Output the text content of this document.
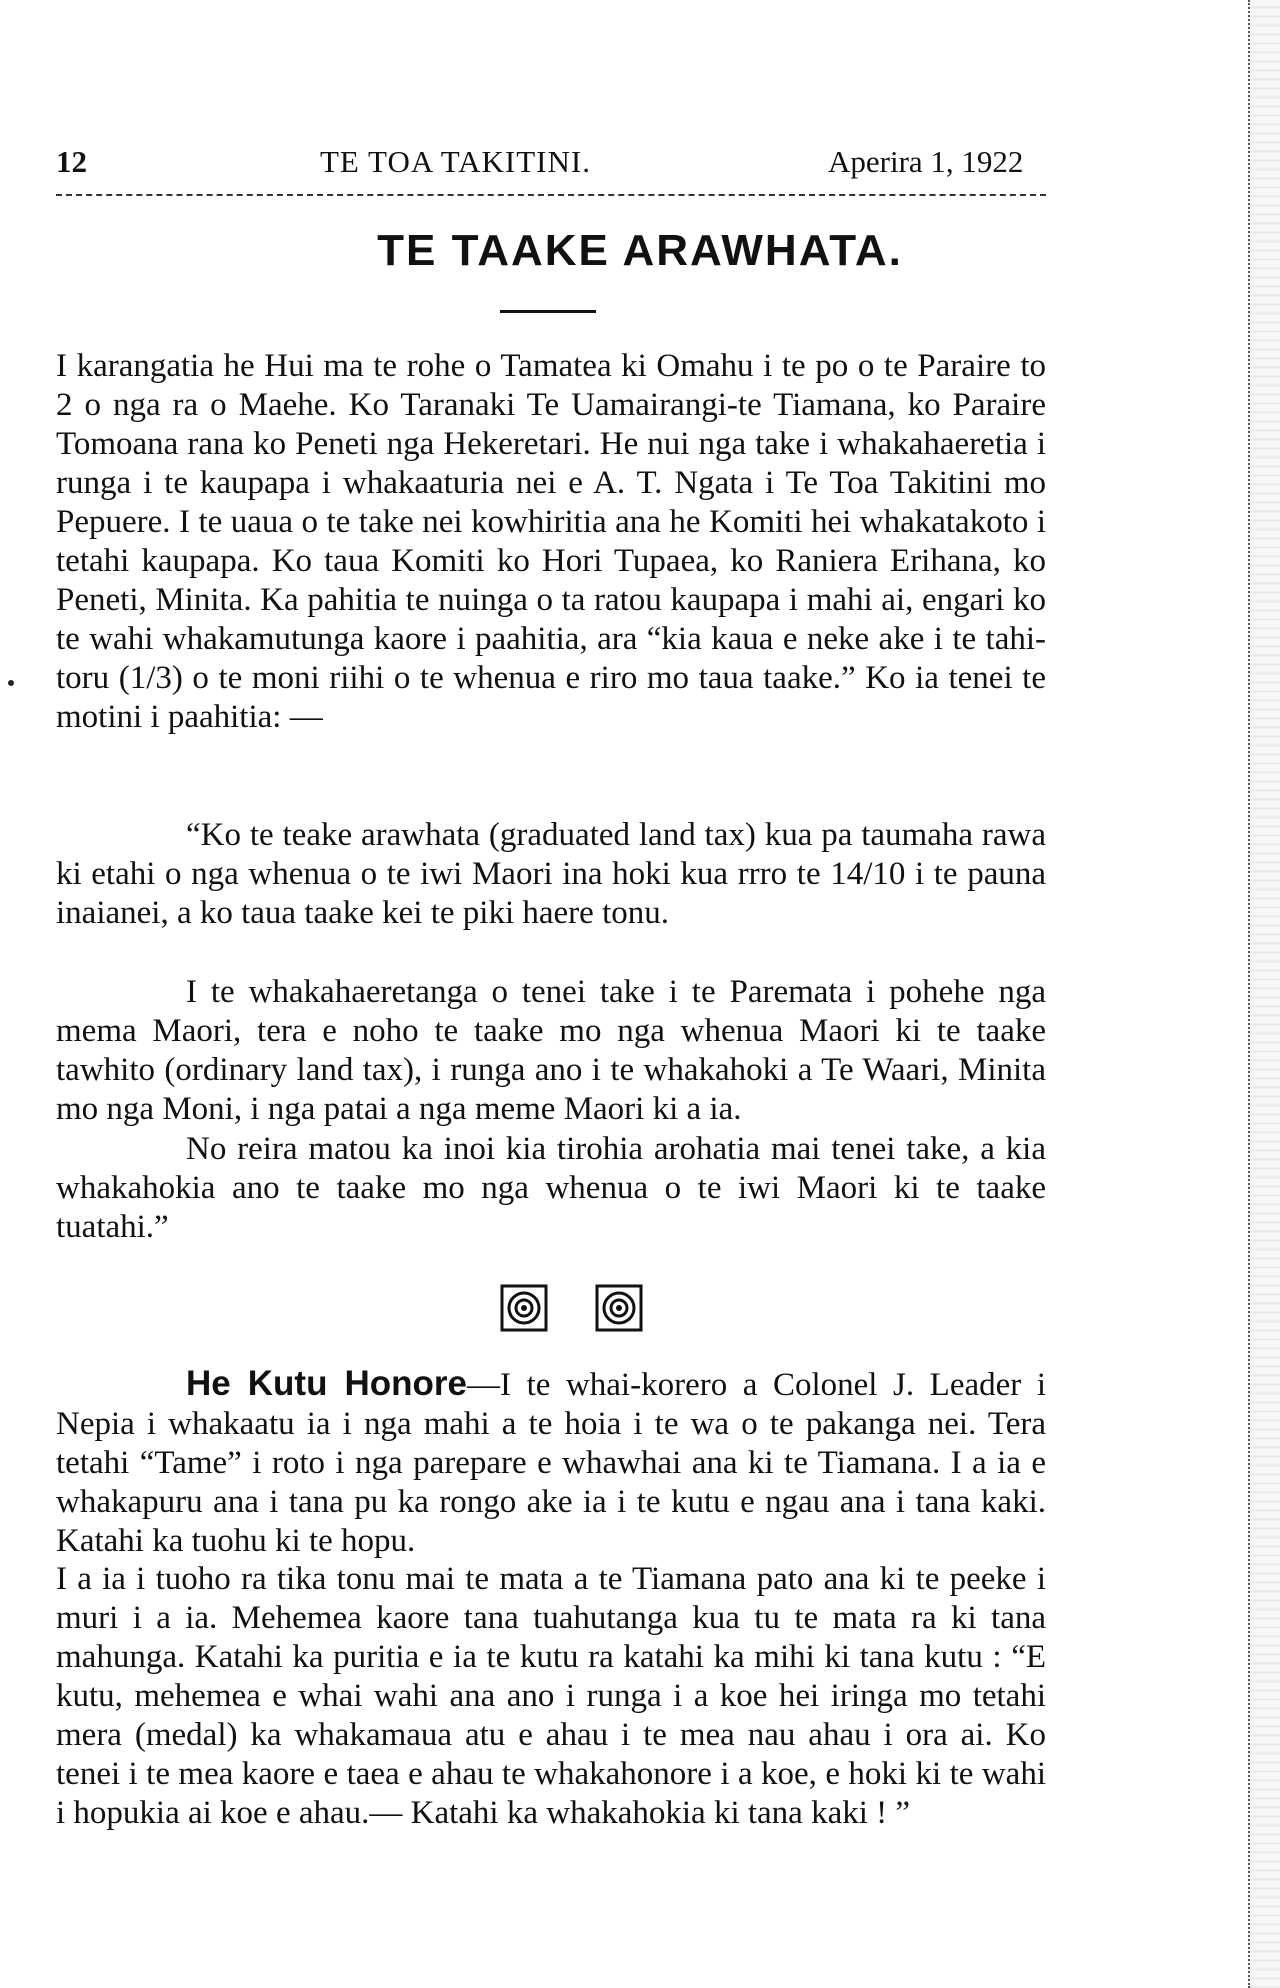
12	TE TOA TAKITINI.	Aperira 1, 1922
TE TAAKE ARAWHATA.

I karangatia he Hui ma te rohe o Tamatea ki Omahu i te po o te Paraire to 2 o nga ra o Maehe. Ko Taranaki Te Uamairangi-te Tiamana, ko Paraire Tomoana rana ko Peneti nga Hekeretari. He nui nga take i whakahaeretia i runga i te kaupapa i whakaaturia nei e A. T. Ngata i Te Toa Takitini mo Pepuere. I te uaua o te take nei kowhiritia ana he Komiti hei whakatakoto i tetahi kaupapa. Ko taua Komiti ko Hori Tupaea, ko Raniera Erihana, ko Peneti, Minita. Ka pahitia te nuinga o ta ratou kaupapa i mahi ai, engari ko te wahi whakamutunga kaore i paahitia, ara “kia kaua e neke ake i te tahi-toru (1/3) o te moni riihi o te whenua e riro mo taua taake.” Ko ia tenei te motini i paahitia: —

“Ko te teake arawhata (graduated land tax) kua pa taumaha rawa ki etahi o nga whenua o te iwi Maori ina hoki kua rrro te 14/10 i te pauna inaianei, a ko taua taake kei te piki haere tonu.

I te whakahaeretanga o tenei take i te Paremata i pohehe nga mema Maori, tera e noho te taake mo nga whenua Maori ki te taake tawhito (ordinary land tax), i runga ano i te whakahoki a Te Waari, Minita mo nga Moni, i nga patai a nga meme Maori ki a ia.

No reira matou ka inoi kia tirohia arohatia mai tenei take, a kia whakahokia ano te taake mo nga whenua o te iwi Maori ki te taake tuatahi.”

He Kutu Honore—I te whai-korero a Colonel J. Leader i Nepia i whakaatu ia i nga mahi a te hoia i te wa o te pakanga nei. Tera tetahi “Tame” i roto i nga parepare e whawhai ana ki te Tiamana. I a ia e whakapuru ana i tana pu ka rongo ake ia i te kutu e ngau ana i tana kaki. Katahi ka tuohu ki te hopu.

I a ia i tuoho ra tika tonu mai te mata a te Tiamana pato ana ki te peeke i muri i a ia. Mehemea kaore tana tuahutanga kua tu te mata ra ki tana mahunga. Katahi ka puritia e ia te kutu ra katahi ka mihi ki tana kutu : “E kutu, mehemea e whai wahi ana ano i runga i a koe hei iringa mo tetahi mera (medal) ka whakamaua atu e ahau i te mea nau ahau i ora ai. Ko tenei i te mea kaore e taea e ahau te whakahonore i a koe, e hoki ki te wahi i hopukia ai koe e ahau.— Katahi ka whakahokia ki tana kaki ! ”
